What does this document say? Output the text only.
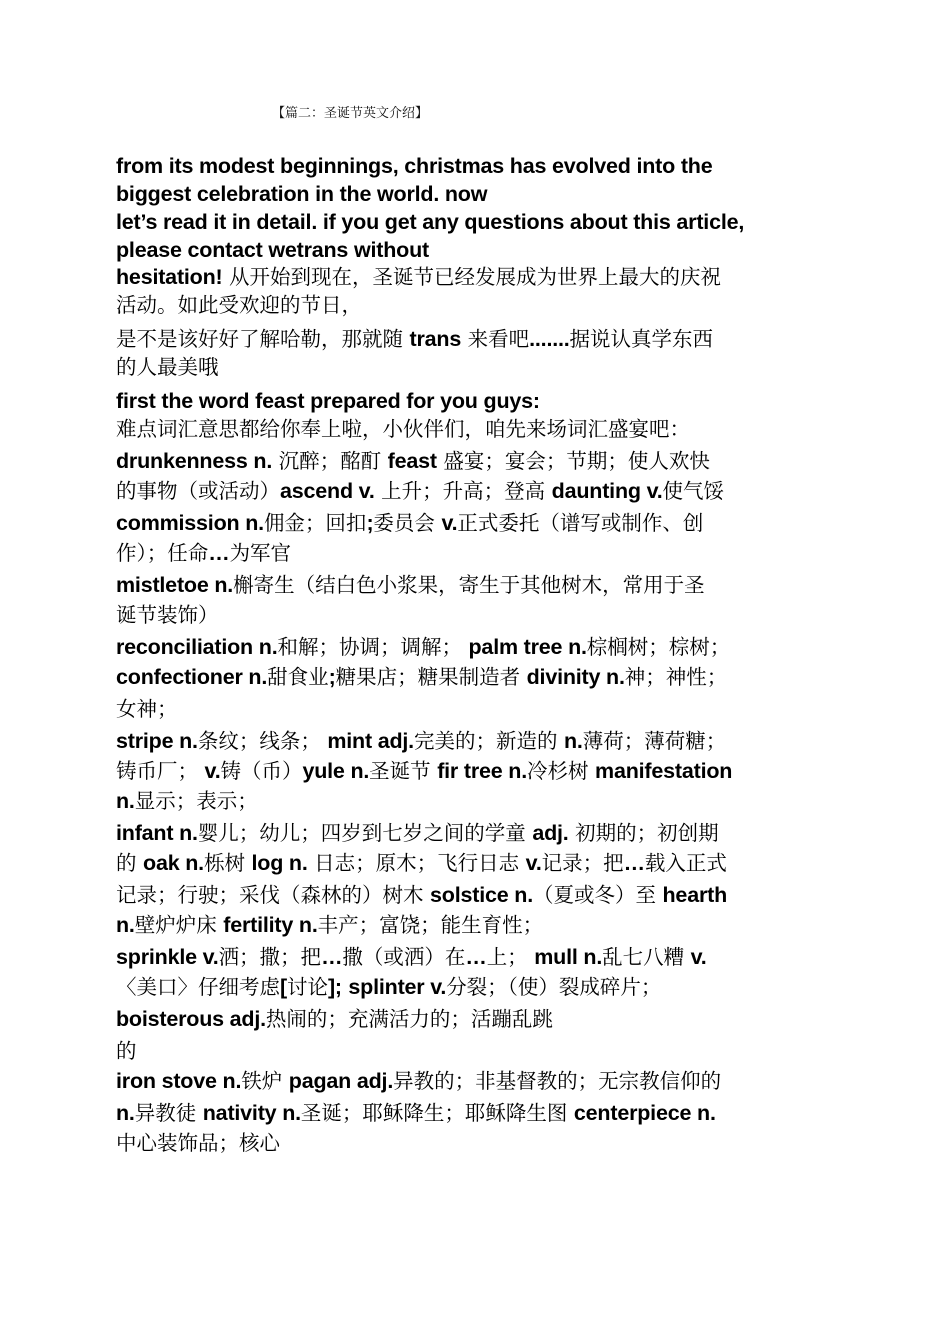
【篇二：圣诞节英文介绍】
from its modest beginnings, christmas has evolved into the
biggest celebration in the world. now
let’s read it in detail. if you get any questions about this article,
please contact wetrans without
hesitation! 从开始到现在，圣诞节已经发展成为世界上最大的庆祝
活动。如此受欢迎的节日，
是不是该好好了解哈勒，那就随 trans 来看吧.......据说认真学东西
的人最美哦
first the word feast prepared for you guys:
难点词汇意思都给你奉上啦，小伙伴们，咱先来场词汇盛宴吧：
drunkenness n. 沉醉；酩酊 feast 盛宴；宴会；节期；使人欢快
的事物（或活动）ascend v. 上升；升高；登高 daunting v.使气馁
commission n.佣金；回扣;委员会 v.正式委托（谱写或制作、创
作）；任命…为军官
mistletoe n.槲寄生（结白色小浆果，寄生于其他树木，常用于圣
诞节装饰）
reconciliation n.和解；协调；调解； palm tree n.棕榈树；棕树；
confectioner n.甜食业;糖果店；糖果制造者 divinity n.神；神性；
女神；
stripe n.条纹；线条； mint adj.完美的；新造的 n.薄荷；薄荷糖；
铸币厂； v.铸（币）yule n.圣诞节 fir tree n.冷杉树 manifestation
n.显示；表示；
infant n.婴儿；幼儿；四岁到七岁之间的学童 adj. 初期的；初创期
的 oak n.栎树 log n. 日志；原木；飞行日志 v.记录；把…载入正式
记录；行驶；采伐（森林的）树木 solstice n.（夏或冬）至 hearth
n.壁炉炉床 fertility n.丰产；富饶；能生育性；
sprinkle v.洒；撒；把…撒（或洒）在…上； mull n.乱七八糟 v.
〈美口〉仔细考虑[讨论]; splinter v.分裂；（使）裂成碎片；
boisterous adj.热闹的；充满活力的；活蹦乱跳
的
iron stove n.铁炉 pagan adj.异教的；非基督教的；无宗教信仰的
n.异教徒 nativity n.圣诞；耶稣降生；耶稣降生图 centerpiece n.
中心装饰品；核心
